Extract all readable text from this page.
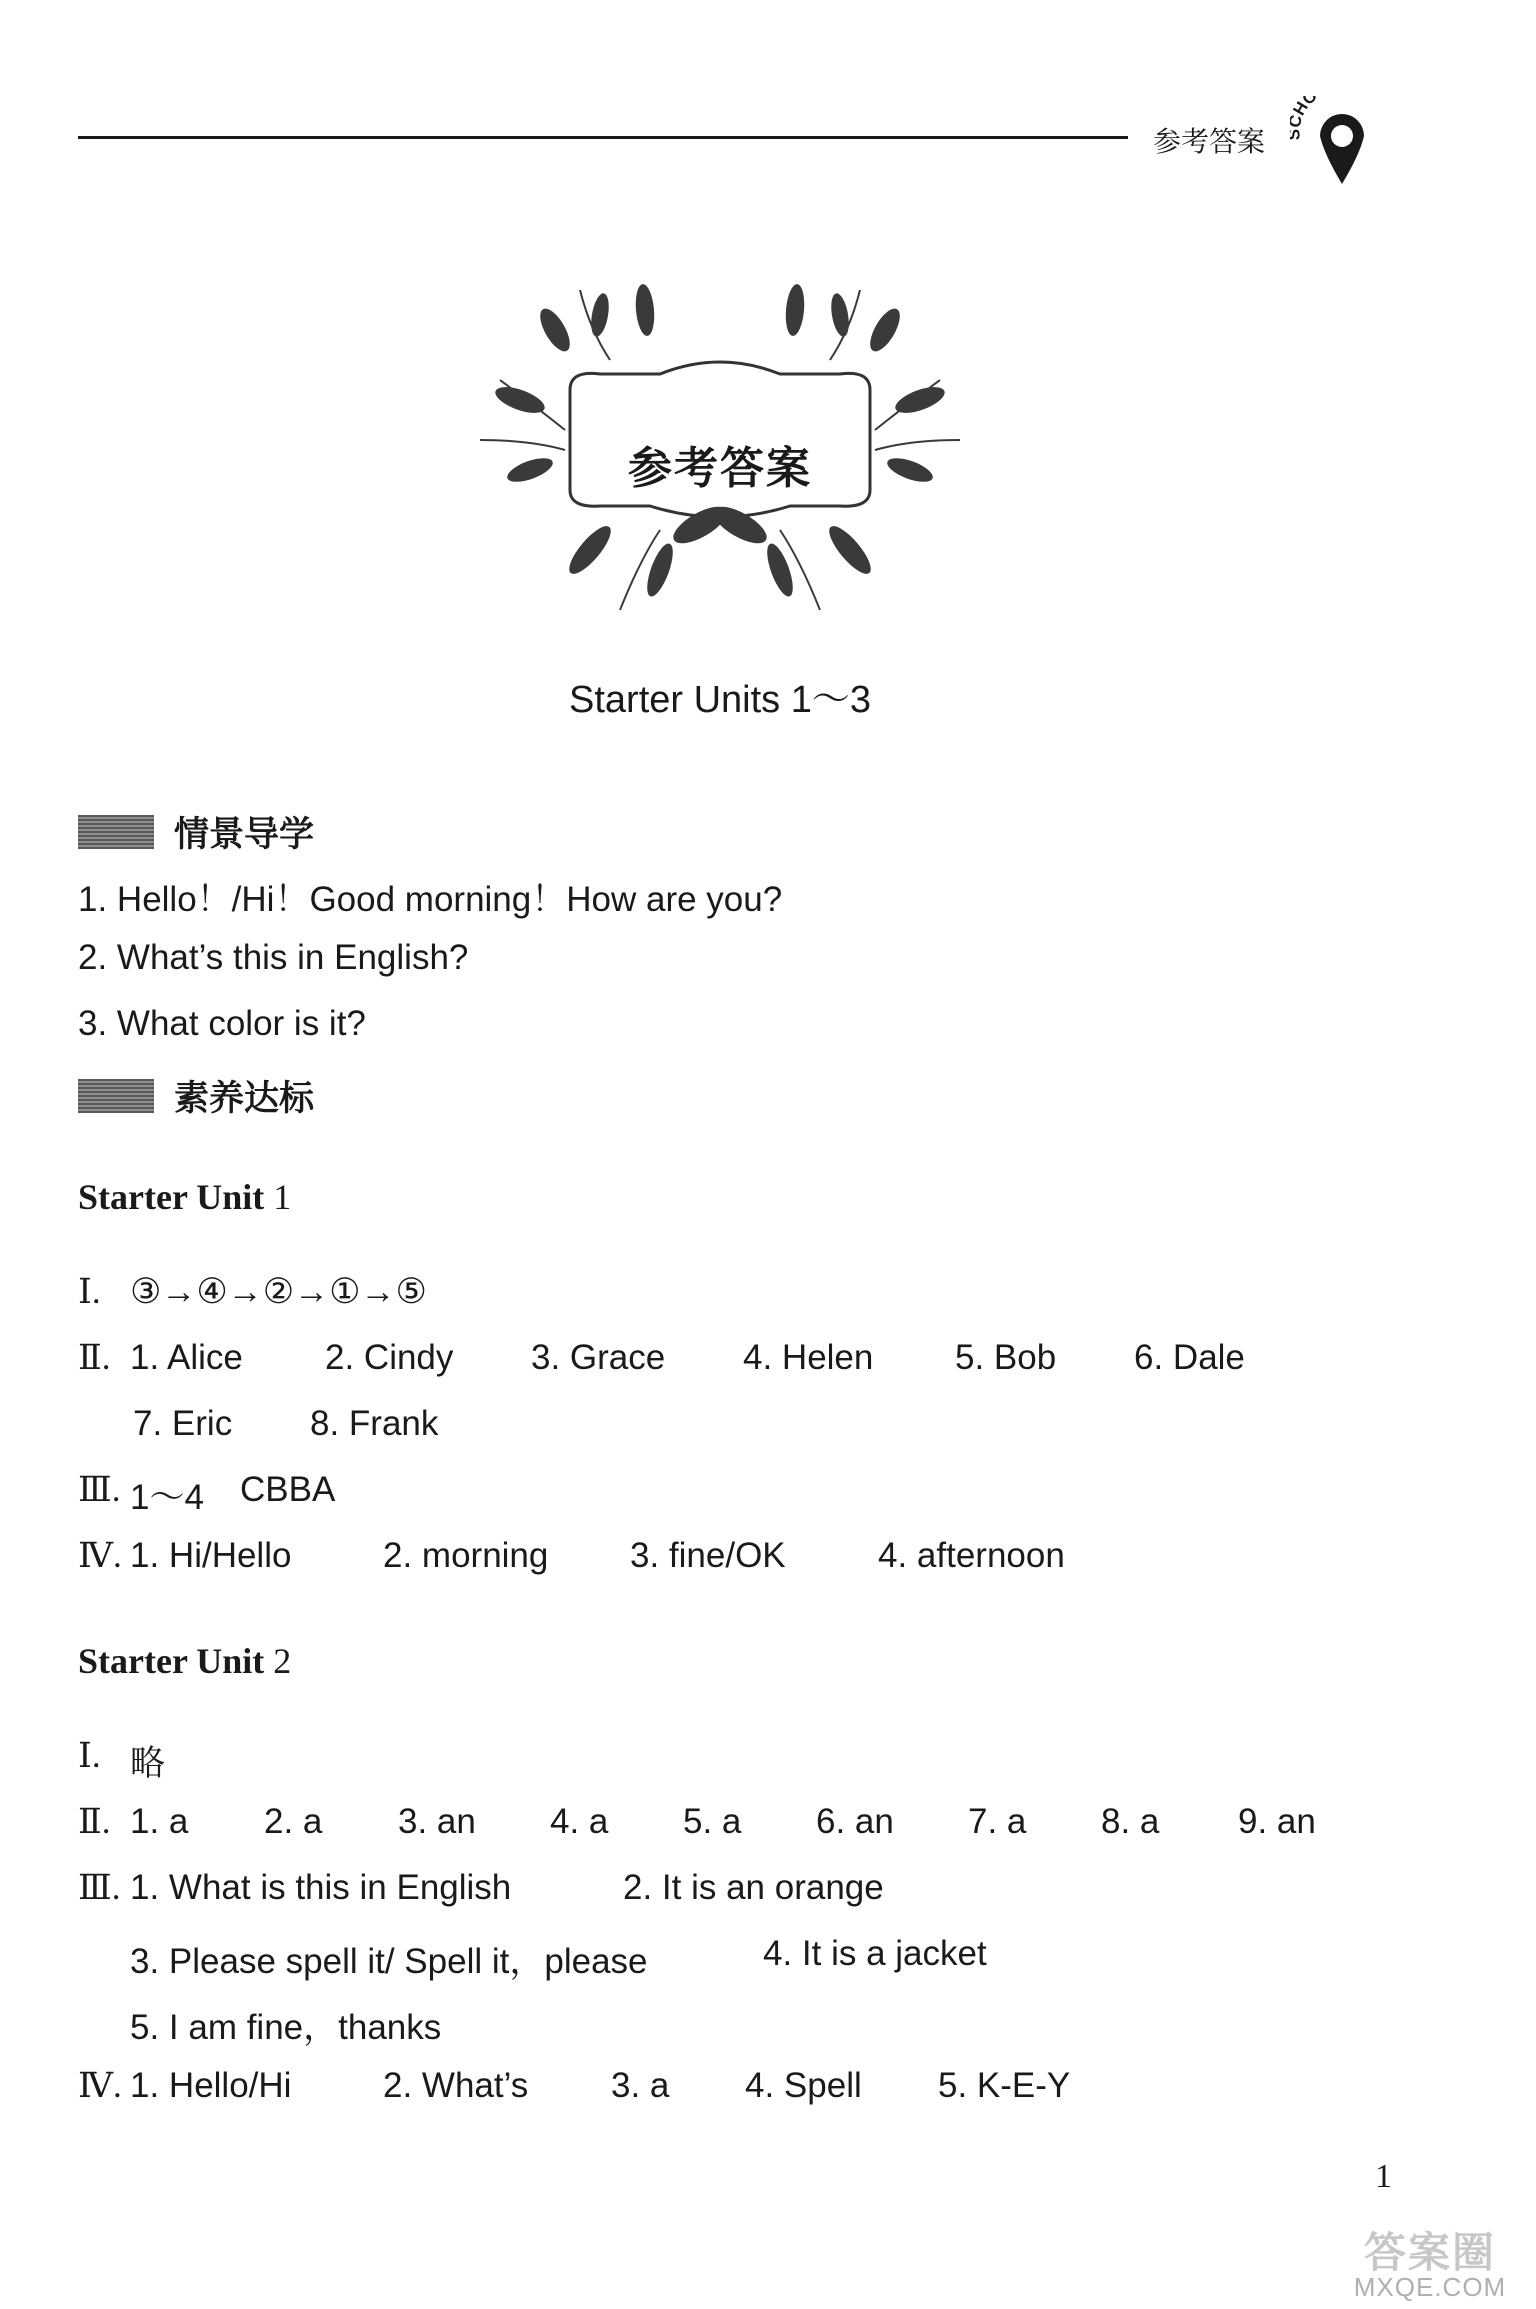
参考答案
HO
参考答案
Starter Units 1～3
情景导学
1. Hello！/Hi！Good morning！How are you?
2. What’s this in English?
3. What color is it?
素养达标
Starter Unit 1
Ⅰ. ③→④→②→①→⑤
Ⅱ. 1. Alice 2. Cindy 3. Grace 4. Helen 5. Bob 6. Dale
7. Eric 8. Frank
Ⅲ. 1～4 CBBA
Ⅳ. 1. Hi/Hello	2. morning 3. fine/OK	4. afternoon
Starter Unit 2
Ⅰ. 略
Ⅱ. 1. a 2. a 3. an 4. a 5. a 6. an 7. a 8. a 9. an
Ⅲ. 1. What is this in English	2. It is an orange
3. Please spell it/ Spell it，please	4. It is a jacket
5. I am fine，thanks
Ⅳ. 1. Hello/Hi	2. What’s 3. a 4. Spell 5. K-E-Y
1
答案圈
MXQE.COM
